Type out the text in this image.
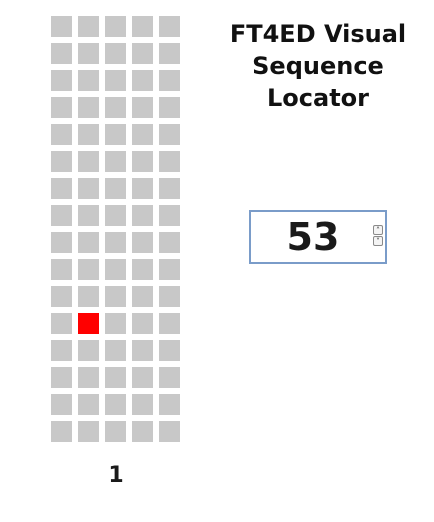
1
FT4ED Visual
Sequence
Locator
53	˄
˅
